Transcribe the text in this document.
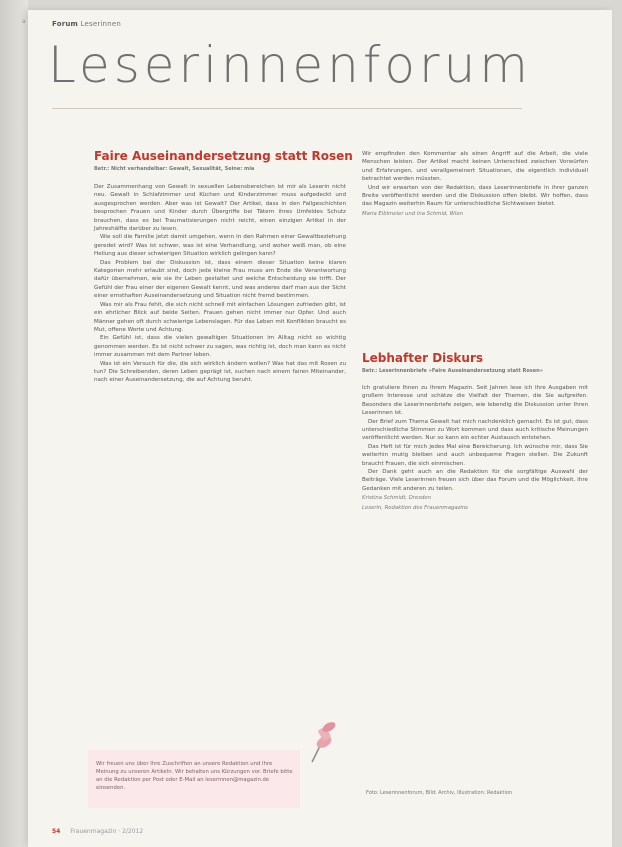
a	Forum Leserinnen
Leserinnenforum
Faire Auseinandersetzung statt Rosen
Betr.: Nicht verhandelbar: Gewalt, Sexualität, Seine: mia

Der Zusammenhang von Gewalt in sexuellen Lebensbereichen ist mir als Leserin nicht neu. Gewalt in Schlafzimmer und Küchen und Kinderzimmer muss aufgedeckt und ausgesprochen werden. Aber was ist Gewalt? Der Artikel, dass in den Fallgeschichten besprochen Frauen und Kinder durch Übergriffe bei Tätern ihres Umfeldes Schutz brauchen, dass es bei Traumatisierungen nicht reicht, einen einzigen Artikel in der Jahreshälfte darüber zu lesen.

Wie soll die Familie jetzt damit umgehen, wenn in den Rahmen einer Gewaltbeziehung geredet wird? Was ist schwer, was ist eine Verhandlung, und woher weiß man, ob eine Heilung aus dieser schwierigen Situation wirklich gelingen kann?

Das Problem bei der Diskussion ist, dass einem dieser Situation keine klaren Kategorien mehr erlaubt sind, doch jede kleine Frau muss am Ende die Verantwortung dafür übernehmen, wie sie ihr Leben gestaltet und welche Entscheidung sie trifft. Der Gefühl der Frau einer der eigenen Gewalt kennt, und was anderes darf man aus der Sicht einer ernsthaften Auseinandersetzung und Situation nicht fremd bestimmen.

Was mir als Frau fehlt, die sich nicht schnell mit einfachen Lösungen zufrieden gibt, ist ein ehrlicher Blick auf beide Seiten. Frauen gehen nicht immer nur Opfer. Und auch Männer gehen oft durch schwierige Lebenslagen. Für das Leben mit Konflikten braucht es Mut, offene Worte und Achtung.

Ein Gefühl ist, dass die vielen gewaltigen Situationen im Alltag nicht so wichtig genommen werden. Es ist nicht schwer zu sagen, was richtig ist, doch man kann es nicht immer zusammen mit dem Partner leben.

Was ist ein Versuch für die, die sich wirklich ändern wollen? Was hat das mit Rosen zu tun? Die Schreibenden, deren Leben geprägt ist, suchen nach einem fairen Miteinander, nach einer Auseinandersetzung, die auf Achtung beruht.

Wir empfinden den Kommentar als einen Angriff auf die Arbeit, die viele Menschen leisten. Der Artikel macht keinen Unterschied zwischen Vorwürfen und Erfahrungen, und verallgemeinert Situationen, die eigentlich individuell betrachtet werden müssten.

Und wir erwarten von der Redaktion, dass Leserinnenbriefe in ihrer ganzen Breite veröffentlicht werden und die Diskussion offen bleibt. Wir hoffen, dass das Magazin weiterhin Raum für unterschiedliche Sichtweisen bietet.

Maria Eiblmeier und Ina Schmid, Wien
Lebhafter Diskurs
Betr.: Leserinnenbriefe »Faire Auseinandersetzung statt Rosen«

Ich gratuliere Ihnen zu Ihrem Magazin. Seit Jahren lese ich Ihre Ausgaben mit großem Interesse und schätze die Vielfalt der Themen, die Sie aufgreifen. Besonders die Leserinnenbriefe zeigen, wie lebendig die Diskussion unter Ihren Leserinnen ist.

Der Brief zum Thema Gewalt hat mich nachdenklich gemacht. Es ist gut, dass unterschiedliche Stimmen zu Wort kommen und dass auch kritische Meinungen veröffentlicht werden. Nur so kann ein echter Austausch entstehen.

Das Heft ist für mich jedes Mal eine Bereicherung. Ich wünsche mir, dass Sie weiterhin mutig bleiben und auch unbequeme Fragen stellen. Die Zukunft braucht Frauen, die sich einmischen.

Der Dank geht auch an die Redaktion für die sorgfältige Auswahl der Beiträge. Viele Leserinnen freuen sich über das Forum und die Möglichkeit, ihre Gedanken mit anderen zu teilen.

Kristina Schmidt, Dresden
Leserin, Redaktion des Frauenmagazins
Wir freuen uns über Ihre Zuschriften an unsere Redaktion und Ihre Meinung zu unseren Artikeln. Wir behalten uns Kürzungen vor. Briefe bitte an die Redaktion per Post oder E-Mail an leserinnen@magazin.de einsenden.
Foto: Leserinnenforum, Bild: Archiv, Illustration: Redaktion
54 Frauenmagazin · 2/2012
